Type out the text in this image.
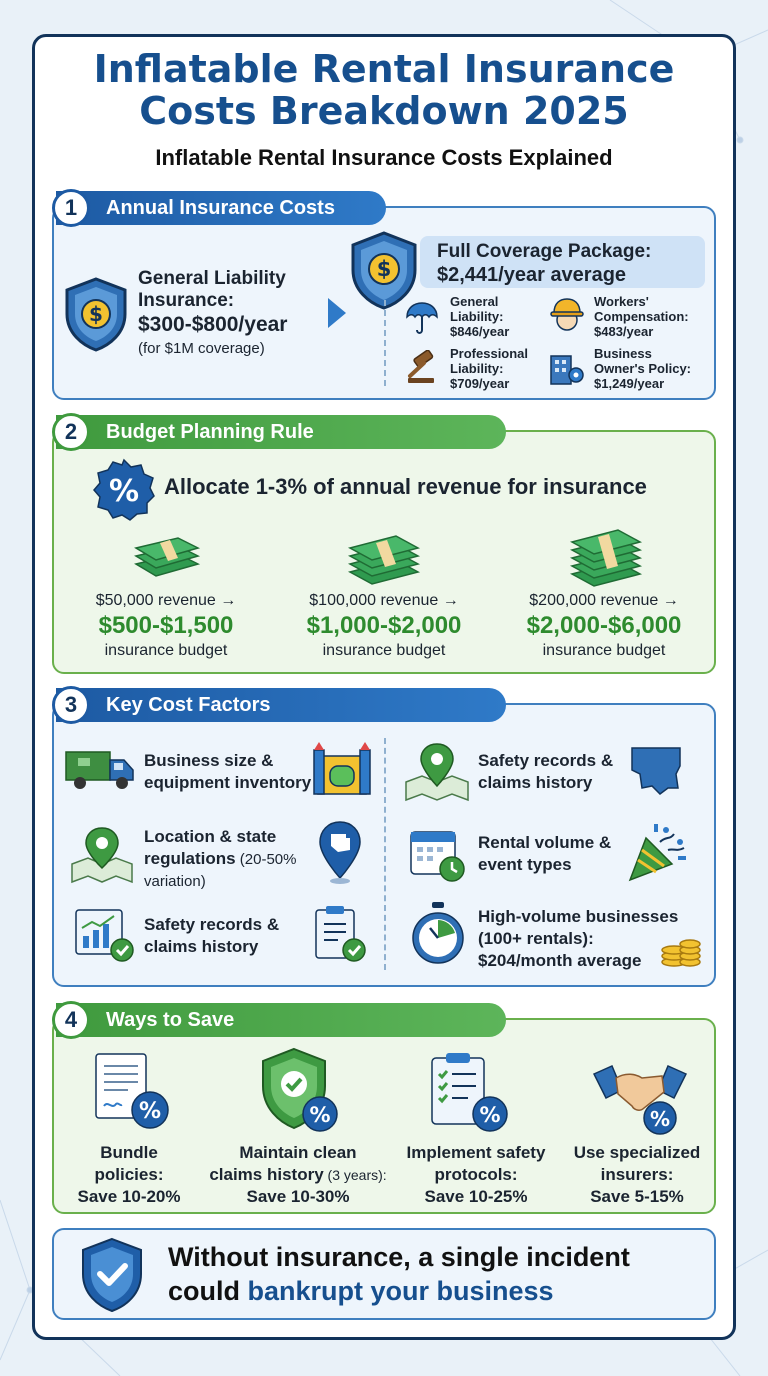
Inflatable Rental Insurance
Costs Breakdown 2025
Inflatable Rental Insurance Costs Explained
Annual Insurance Costs
1
$
General Liability
Insurance:
$300-$800/year
(for $1M coverage)
$
Full Coverage Package:
$2,441/year average
General
Liability:
$846/year
Workers'
Compensation:
$483/year
Professional
Liability:
$709/year
Business
Owner's Policy:
$1,249/year
Budget Planning Rule
2
% Allocate 1-3% of annual revenue for insurance
$50,000 revenue →
$500-$1,500
insurance budget
$100,000 revenue →
$1,000-$2,000
insurance budget
$200,000 revenue →
$2,000-$6,000
insurance budget
Key Cost Factors
3
Business size &
equipment inventory
Location & state
regulations (20-50%
variation)
Safety records &
claims history
Safety records &
claims history
Rental volume &
event types
High-volume businesses
(100+ rentals):
$204/month average
Ways to Save
4
%	%	%	%
Bundle
policies:
Save 10-20%
Maintain clean
claims history (3 years):
Save 10-30%
Implement safety
protocols:
Save 10-25%
Use specialized
insurers:
Save 5-15%
Without insurance, a single incident
could bankrupt your business
